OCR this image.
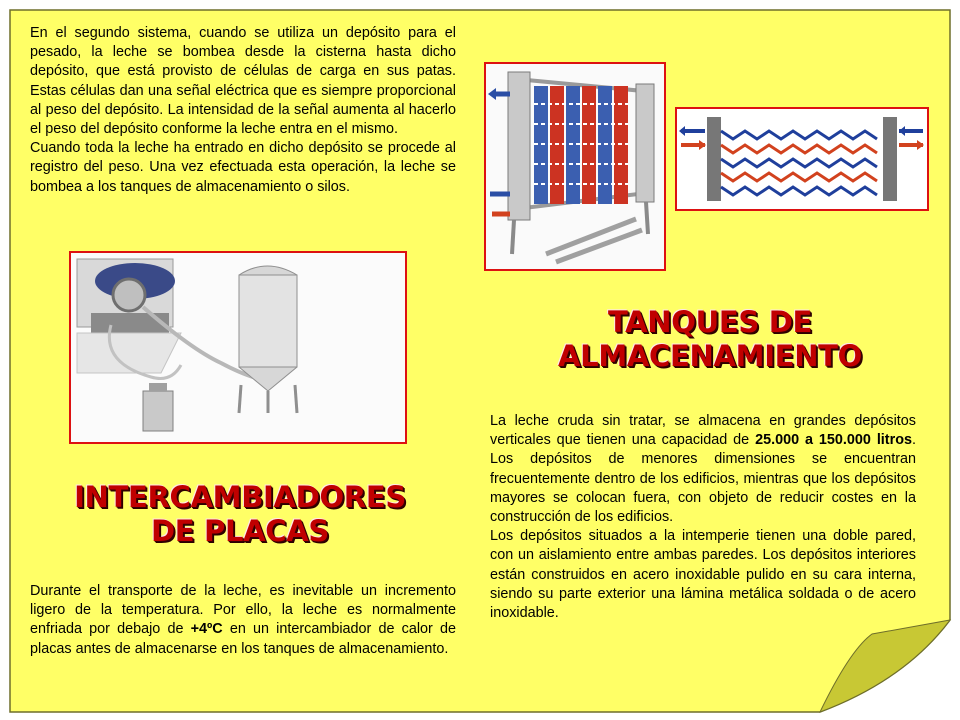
En el segundo sistema, cuando se utiliza un depósito para el pesado, la leche se bombea desde la cisterna hasta dicho depósito, que está provisto de células de carga en sus patas. Estas células dan una señal eléctrica que es siempre proporcional al peso del depósito. La intensidad de la señal aumenta al hacerlo el peso del depósito conforme la leche entra en el mismo.

Cuando toda la leche ha entrado en dicho depósito se procede al registro del peso. Una vez efectuada esta operación, la leche se bombea a los tanques de almacenamiento o silos.

TANQUES DE
ALMACENAMIENTO

La leche cruda sin tratar, se almacena en grandes depósitos verticales que tienen una capacidad de 25.000 a 150.000 litros. Los depósitos de menores dimensiones se encuentran frecuentemente dentro de los edificios, mientras que los depósitos mayores se colocan fuera, con objeto de reducir costes en la construcción de los edificios.

Los depósitos situados a la intemperie tienen una doble pared, con un aislamiento entre ambas paredes. Los depósitos interiores están construidos en acero inoxidable pulido en su cara interna, siendo su parte exterior una lámina metálica soldada o de acero inoxidable.

INTERCAMBIADORES
DE PLACAS

Durante el transporte de la leche, es inevitable un incremento ligero de la temperatura. Por ello, la leche es normalmente enfriada por debajo de +4ºC en un intercambiador de calor de placas antes de almacenarse en los tanques de almacenamiento.
